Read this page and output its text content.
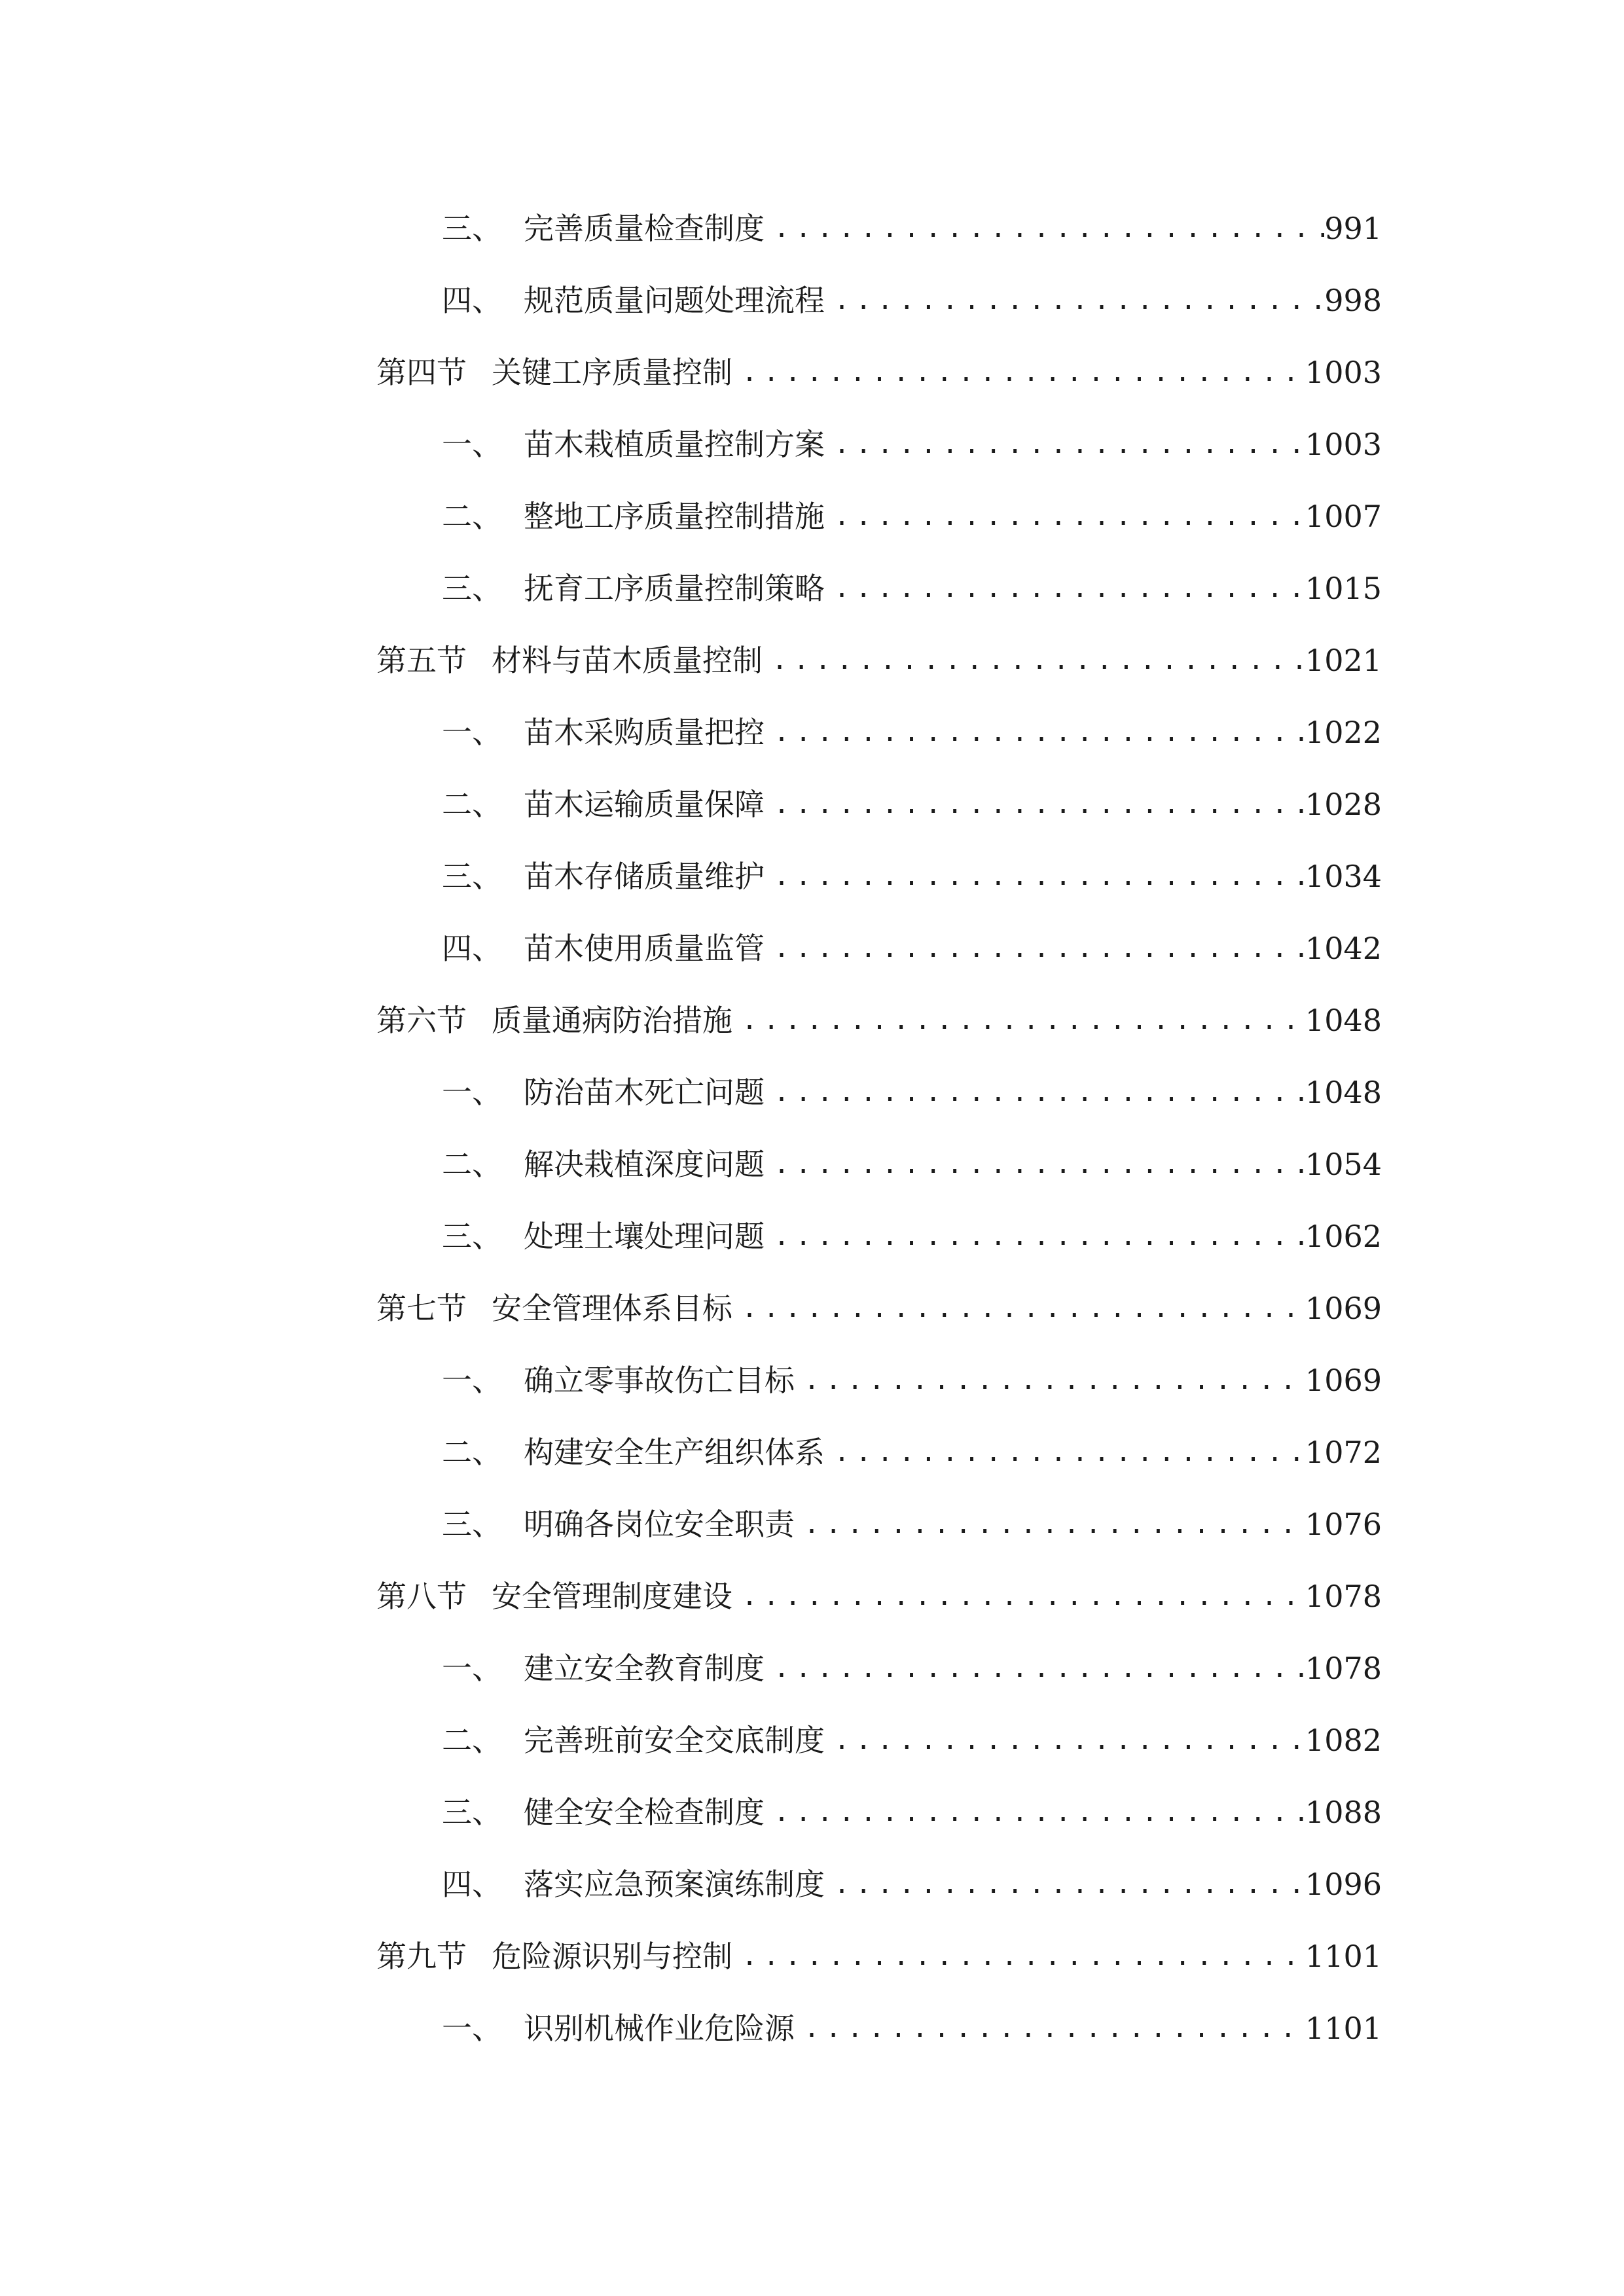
三、 完善质量检查制度 .....	991
四、 规范质量问题处理流程 .....	998
第四节 关键工序质量控制 .....	1003
一、 苗木栽植质量控制方案 .....	1003
二、 整地工序质量控制措施 .....	1007
三、 抚育工序质量控制策略 .....	1015
第五节 材料与苗木质量控制 .....	1021
一、 苗木采购质量把控 .....	1022
二、 苗木运输质量保障 .....	1028
三、 苗木存储质量维护 .....	1034
四、 苗木使用质量监管 .....	1042
第六节 质量通病防治措施 .....	1048
一、 防治苗木死亡问题 .....	1048
二、 解决栽植深度问题 .....	1054
三、 处理土壤处理问题 .....	1062
第七节 安全管理体系目标 .....	1069
一、 确立零事故伤亡目标 .....	1069
二、 构建安全生产组织体系 .....	1072
三、 明确各岗位安全职责 .....	1076
第八节 安全管理制度建设 .....	1078
一、 建立安全教育制度 .....	1078
二、 完善班前安全交底制度 .....	1082
三、 健全安全检查制度 .....	1088
四、 落实应急预案演练制度 .....	1096
第九节 危险源识别与控制 .....	1101
一、 识别机械作业危险源 .....	1101
